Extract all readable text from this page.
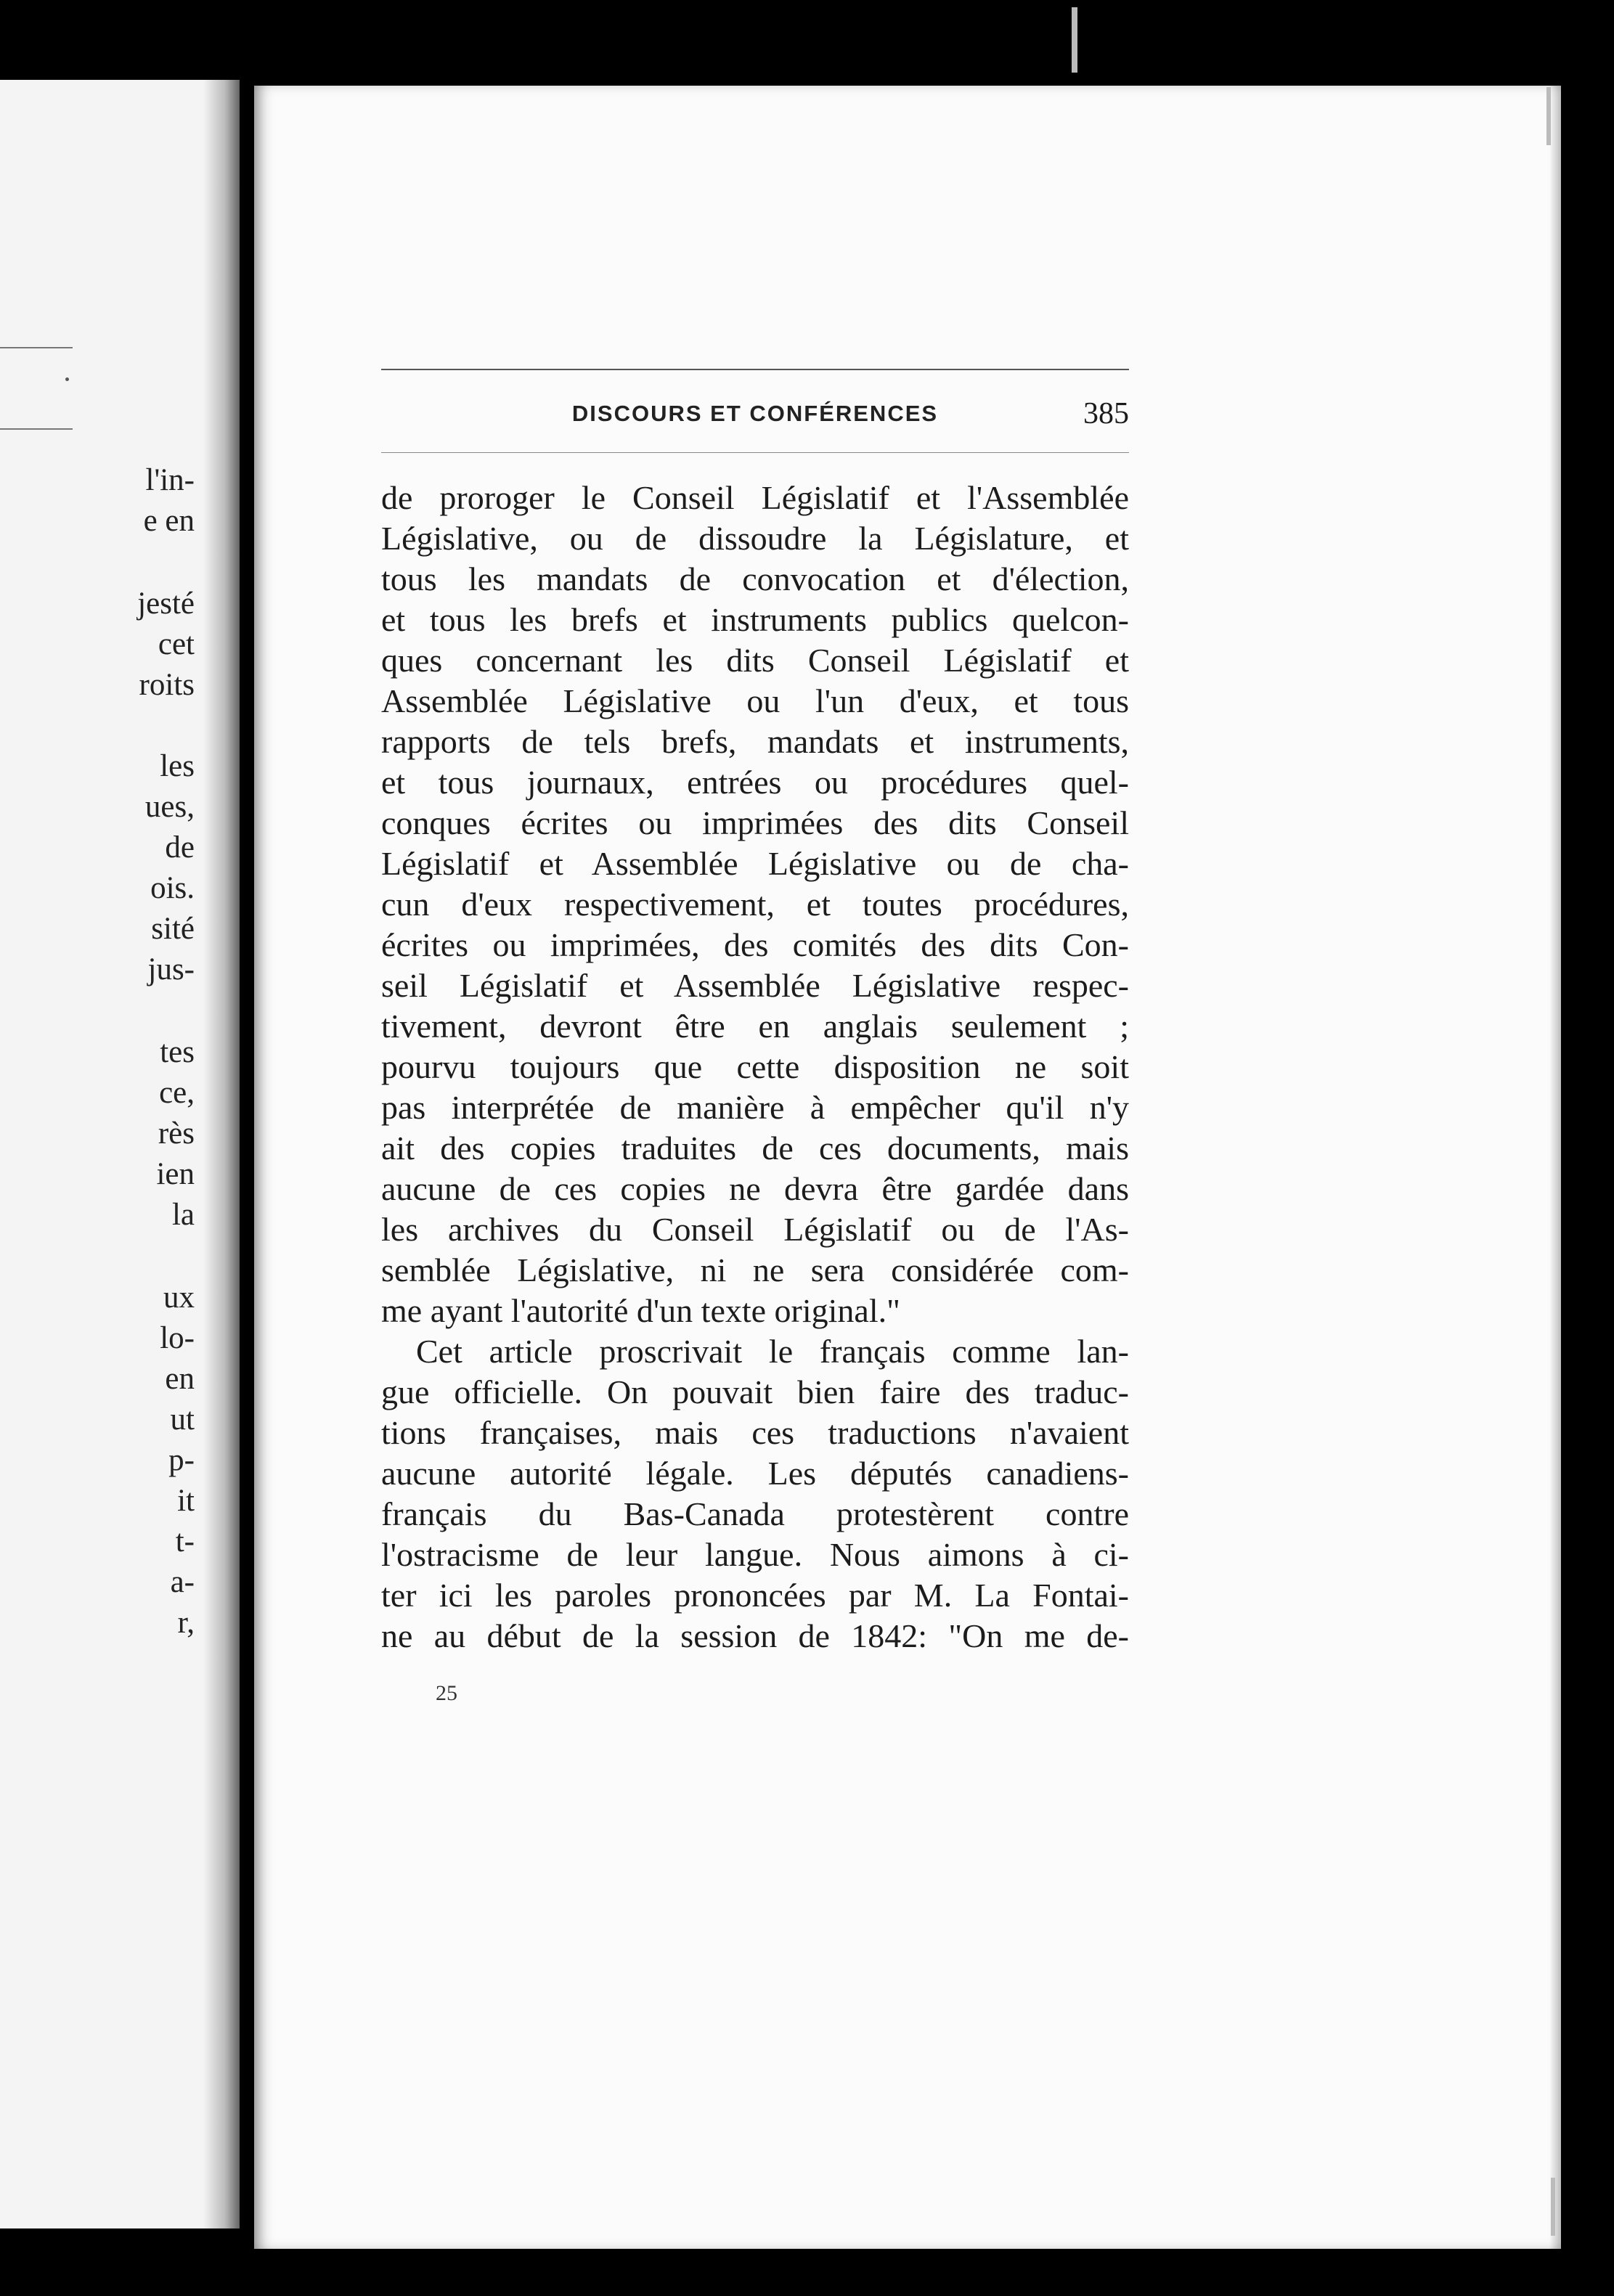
l'in-
e en
jesté
cet
roits
les
ues,
de
ois.
sité
jus-
tes
ce,
rès
ien
la
ux
lo-
en
ut
p-
it
t-
a-
r,
DISCOURS ET CONFÉRENCES	385
de proroger le Conseil Législatif et l'Assemblée
Législative, ou de dissoudre la Législature, et
tous les mandats de convocation et d'élection,
et tous les brefs et instruments publics quelcon-
ques concernant les dits Conseil Législatif et
Assemblée Législative ou l'un d'eux, et tous
rapports de tels brefs, mandats et instruments,
et tous journaux, entrées ou procédures quel-
conques écrites ou imprimées des dits Conseil
Législatif et Assemblée Législative ou de cha-
cun d'eux respectivement, et toutes procédures,
écrites ou imprimées, des comités des dits Con-
seil Législatif et Assemblée Législative respec-
tivement, devront être en anglais seulement ;
pourvu toujours que cette disposition ne soit
pas interprétée de manière à empêcher qu'il n'y
ait des copies traduites de ces documents, mais
aucune de ces copies ne devra être gardée dans
les archives du Conseil Législatif ou de l'As-
semblée Législative, ni ne sera considérée com-
me ayant l'autorité d'un texte original."
Cet article proscrivait le français comme lan-
gue officielle. On pouvait bien faire des traduc-
tions françaises, mais ces traductions n'avaient
aucune autorité légale. Les députés canadiens-
français du Bas-Canada protestèrent contre
l'ostracisme de leur langue. Nous aimons à ci-
ter ici les paroles prononcées par M. La Fontai-
ne au début de la session de 1842: "On me de-
25
